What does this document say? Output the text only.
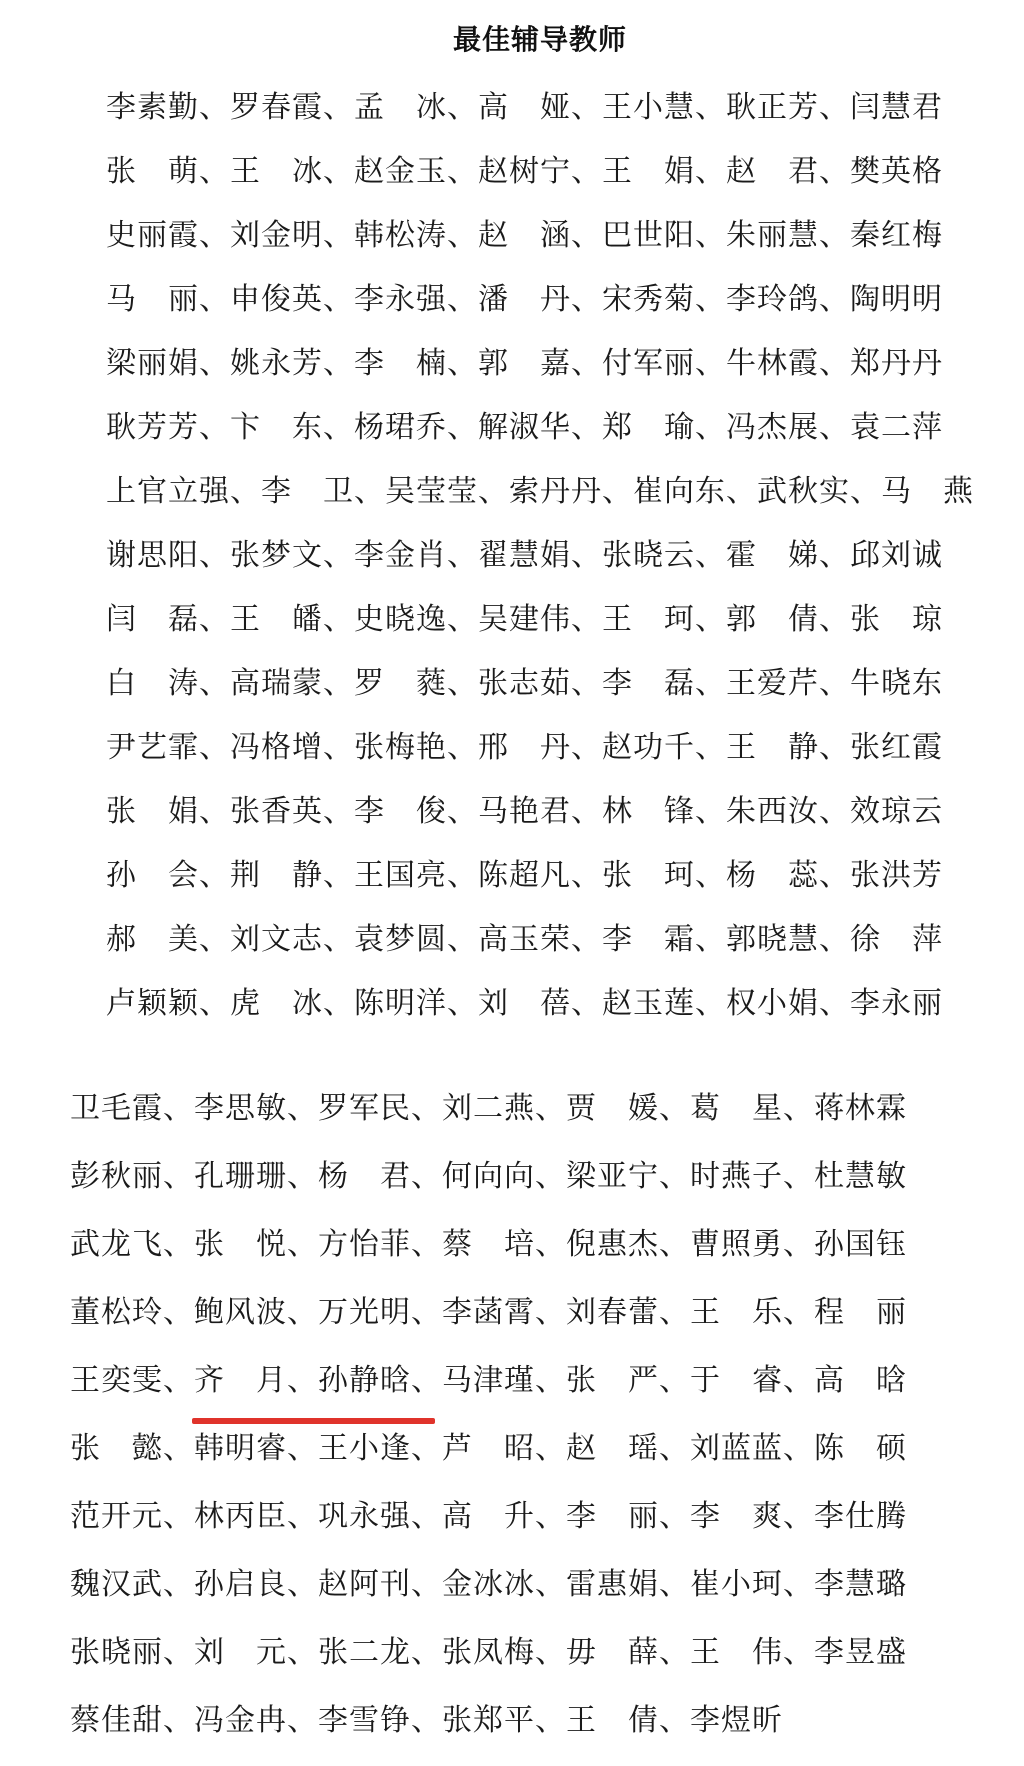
最佳辅导教师
李素勤、罗春霞、孟　冰、高　娅、王小慧、耿正芳、闫慧君
张　萌、王　冰、赵金玉、赵树宁、王　娟、赵　君、樊英格
史丽霞、刘金明、韩松涛、赵　涵、巴世阳、朱丽慧、秦红梅
马　丽、申俊英、李永强、潘　丹、宋秀菊、李玲鸽、陶明明
梁丽娟、姚永芳、李　楠、郭　嘉、付军丽、牛林霞、郑丹丹
耿芳芳、卞　东、杨珺乔、解淑华、郑　瑜、冯杰展、袁二萍
上官立强、李　卫、吴莹莹、索丹丹、崔向东、武秋实、马　燕
谢思阳、张梦文、李金肖、翟慧娟、张晓云、霍　娣、邱刘诚
闫　磊、王　皤、史晓逸、吴建伟、王　珂、郭　倩、张　琼
白　涛、高瑞蒙、罗　蕤、张志茹、李　磊、王爱芹、牛晓东
尹艺霏、冯格增、张梅艳、邢　丹、赵功千、王　静、张红霞
张　娟、张香英、李　俊、马艳君、林　锋、朱西汝、效琼云
孙　会、荆　静、王国亮、陈超凡、张　珂、杨　蕊、张洪芳
郝　美、刘文志、袁梦圆、高玉荣、李　霜、郭晓慧、徐　萍
卢颖颖、虎　冰、陈明洋、刘　蓓、赵玉莲、权小娟、李永丽
卫毛霞、李思敏、罗军民、刘二燕、贾　媛、葛　星、蒋林霖
彭秋丽、孔珊珊、杨　君、何向向、梁亚宁、时燕子、杜慧敏
武龙飞、张　悦、方怡菲、蔡　培、倪惠杰、曹照勇、孙国钰
董松玲、鲍风波、万光明、李菡霄、刘春蕾、王　乐、程　丽
王奕雯、齐　月、孙静晗、马津瑾、张　严、于　睿、高　晗
张　懿、韩明睿、王小逢、芦　昭、赵　瑶、刘蓝蓝、陈　硕
范开元、林丙臣、巩永强、高　升、李　丽、李　爽、李仕腾
魏汉武、孙启良、赵阿刊、金冰冰、雷惠娟、崔小珂、李慧璐
张晓丽、刘　元、张二龙、张凤梅、毋　薛、王　伟、李昱盛
蔡佳甜、冯金冉、李雪铮、张郑平、王　倩、李煜昕
